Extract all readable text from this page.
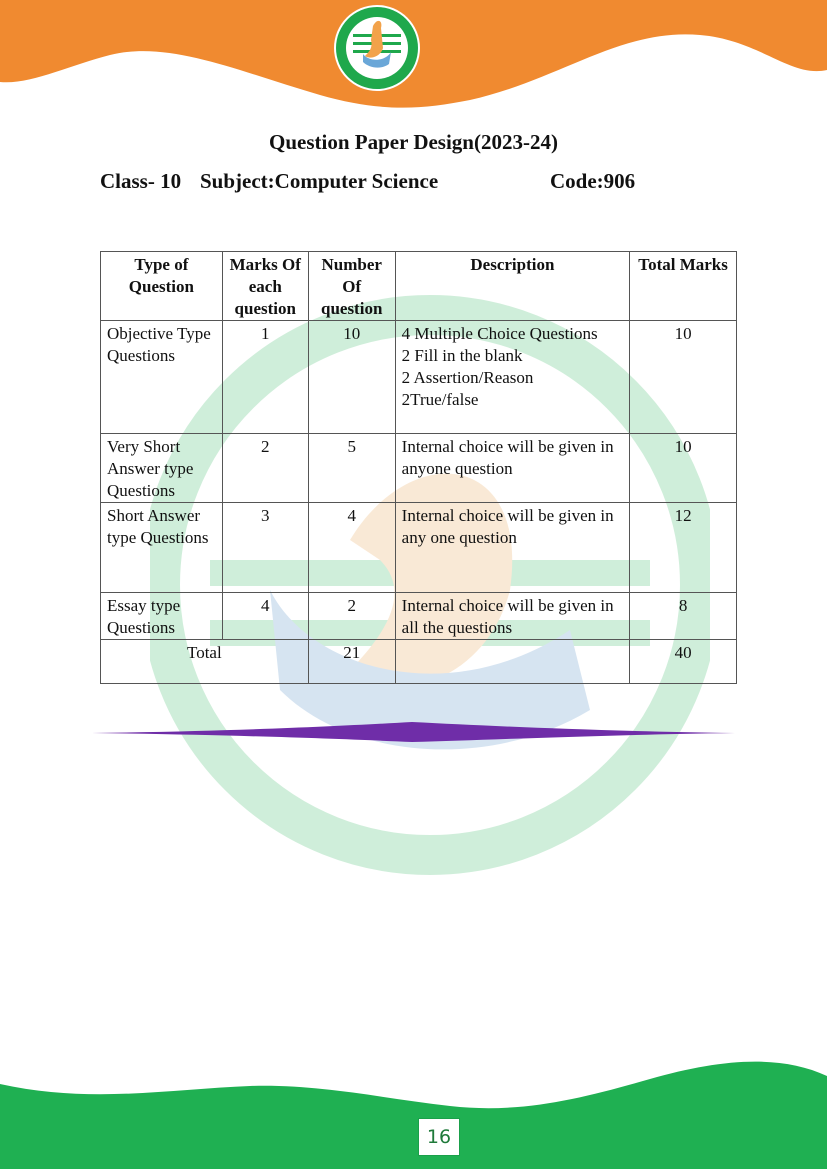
Question Paper Design(2023-24)
Class- 10 Subject:Computer Science	Code:906
Type of Question	Marks Of each question	Number Of question	Description	Total Marks
Objective Type Questions	1	10	4 Multiple Choice Questions
2 Fill in the blank
2 Assertion/Reason
2True/false	10
Very Short Answer type Questions	2	5	Internal choice will be given in anyone question	10
Short Answer type Questions	3	4	Internal choice will be given in any one question	12
Essay type Questions	4	2	Internal choice will be given in all the questions	8
Total		21		40
16
